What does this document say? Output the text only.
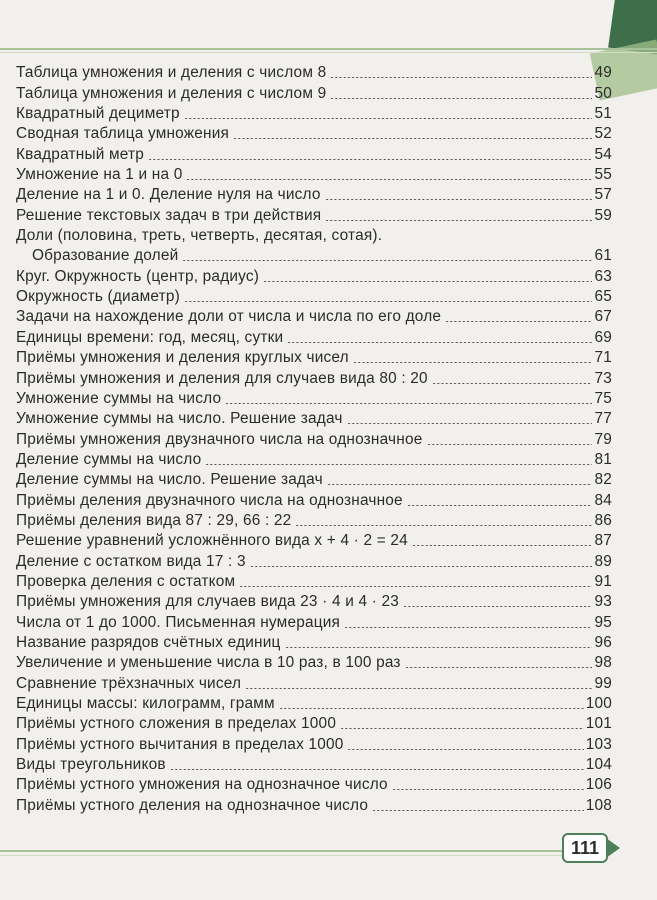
Таблица умножения и деления с числом 8	49
Таблица умножения и деления с числом 9	50
Квадратный дециметр	51
Сводная таблица умножения	52
Квадратный метр	54
Умножение на 1 и на 0	55
Деление на 1 и 0. Деление нуля на число	57
Решение текстовых задач в три действия	59
Доли (половина, треть, четверть, десятая, сотая).
Образование долей	61
Круг. Окружность (центр, радиус)	63
Окружность (диаметр)	65
Задачи на нахождение доли от числа и числа по его доле	67
Единицы времени: год, месяц, сутки	69
Приёмы умножения и деления круглых чисел	71
Приёмы умножения и деления для случаев вида 80 : 20	73
Умножение суммы на число	75
Умножение суммы на число. Решение задач	77
Приёмы умножения двузначного числа на однозначное	79
Деление суммы на число	81
Деление суммы на число. Решение задач	82
Приёмы деления двузначного числа на однозначное	84
Приёмы деления вида 87 : 29, 66 : 22	86
Решение уравнений усложнённого вида x + 4 · 2 = 24	87
Деление с остатком вида 17 : 3	89
Проверка деления с остатком	91
Приёмы умножения для случаев вида 23 · 4 и 4 · 23	93
Числа от 1 до 1000. Письменная нумерация	95
Название разрядов счётных единиц	96
Увеличение и уменьшение числа в 10 раз, в 100 раз	98
Сравнение трёхзначных чисел	99
Единицы массы: килограмм, грамм	100
Приёмы устного сложения в пределах 1000	101
Приёмы устного вычитания в пределах 1000	103
Виды треугольников	104
Приёмы устного умножения на однозначное число	106
Приёмы устного деления на однозначное число	108
111
